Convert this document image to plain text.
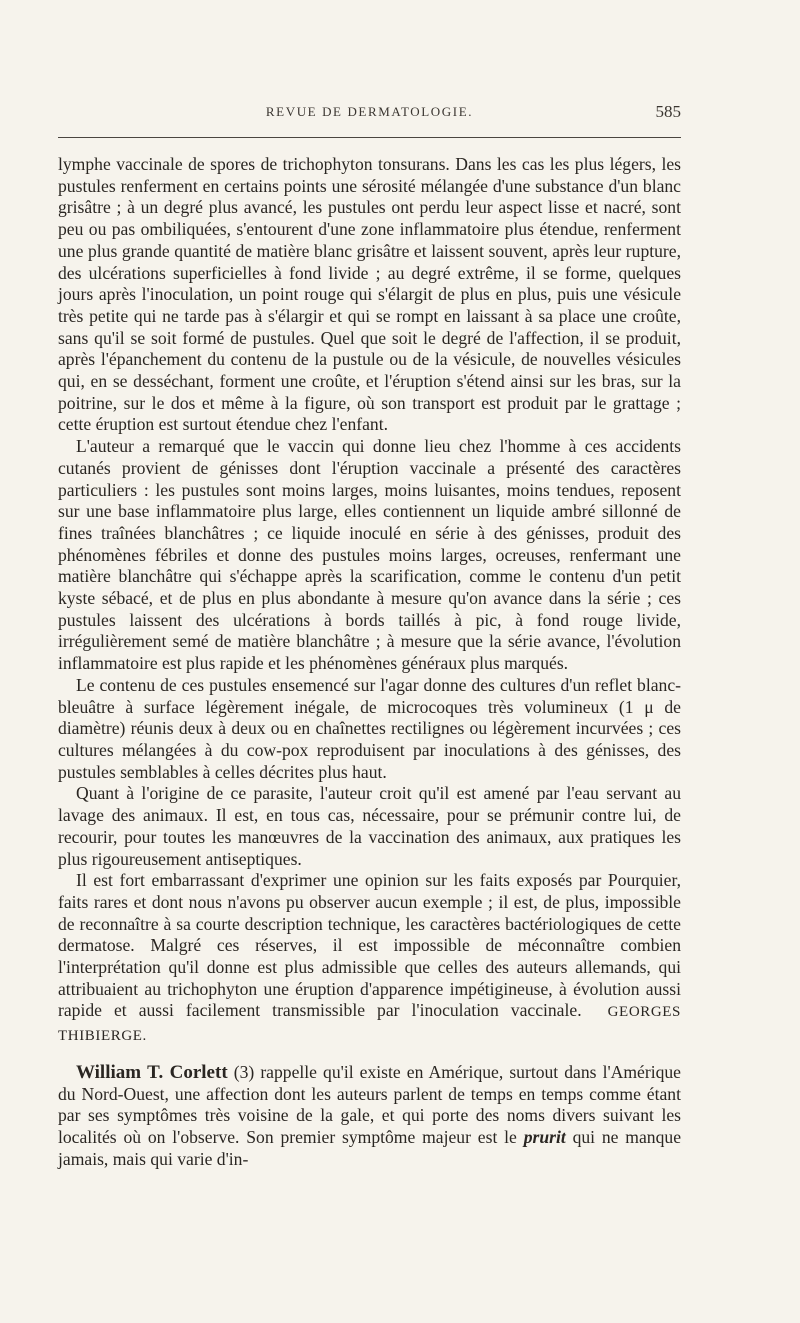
REVUE DE DERMATOLOGIE.	585

lymphe vaccinale de spores de trichophyton tonsurans. Dans les cas les plus légers, les pustules renferment en certains points une sérosité mélangée d'une substance d'un blanc grisâtre ; à un degré plus avancé, les pustules ont perdu leur aspect lisse et nacré, sont peu ou pas ombiliquées, s'entourent d'une zone inflammatoire plus étendue, renferment une plus grande quantité de matière blanc grisâtre et laissent souvent, après leur rupture, des ulcérations superficielles à fond livide ; au degré extrême, il se forme, quelques jours après l'inoculation, un point rouge qui s'élargit de plus en plus, puis une vésicule très petite qui ne tarde pas à s'élargir et qui se rompt en laissant à sa place une croûte, sans qu'il se soit formé de pustules. Quel que soit le degré de l'affection, il se produit, après l'épanchement du contenu de la pustule ou de la vésicule, de nouvelles vésicules qui, en se desséchant, forment une croûte, et l'éruption s'étend ainsi sur les bras, sur la poitrine, sur le dos et même à la figure, où son transport est produit par le grattage ; cette éruption est surtout étendue chez l'enfant.

L'auteur a remarqué que le vaccin qui donne lieu chez l'homme à ces accidents cutanés provient de génisses dont l'éruption vaccinale a présenté des caractères particuliers : les pustules sont moins larges, moins luisantes, moins tendues, reposent sur une base inflammatoire plus large, elles contiennent un liquide ambré sillonné de fines traînées blanchâtres ; ce liquide inoculé en série à des génisses, produit des phénomènes fébriles et donne des pustules moins larges, ocreuses, renfermant une matière blanchâtre qui s'échappe après la scarification, comme le contenu d'un petit kyste sébacé, et de plus en plus abondante à mesure qu'on avance dans la série ; ces pustules laissent des ulcérations à bords taillés à pic, à fond rouge livide, irrégulièrement semé de matière blanchâtre ; à mesure que la série avance, l'évolution inflammatoire est plus rapide et les phénomènes généraux plus marqués.

Le contenu de ces pustules ensemencé sur l'agar donne des cultures d'un reflet blanc-bleuâtre à surface légèrement inégale, de microcoques très volumineux (1 μ de diamètre) réunis deux à deux ou en chaînettes rectilignes ou légèrement incurvées ; ces cultures mélangées à du cow-pox reproduisent par inoculations à des génisses, des pustules semblables à celles décrites plus haut.

Quant à l'origine de ce parasite, l'auteur croit qu'il est amené par l'eau servant au lavage des animaux. Il est, en tous cas, nécessaire, pour se prémunir contre lui, de recourir, pour toutes les manœuvres de la vaccination des animaux, aux pratiques les plus rigoureusement antiseptiques.

Il est fort embarrassant d'exprimer une opinion sur les faits exposés par Pourquier, faits rares et dont nous n'avons pu observer aucun exemple ; il est, de plus, impossible de reconnaître à sa courte description technique, les caractères bactériologiques de cette dermatose. Malgré ces réserves, il est impossible de méconnaître combien l'interprétation qu'il donne est plus admissible que celles des auteurs allemands, qui attribuaient au trichophyton une éruption d'apparence impétigineuse, à évolution aussi rapide et aussi facilement transmissible par l'inoculation vaccinale. GEORGES THIBIERGE.

William T. Corlett (3) rappelle qu'il existe en Amérique, surtout dans l'Amérique du Nord-Ouest, une affection dont les auteurs parlent de temps en temps comme étant par ses symptômes très voisine de la gale, et qui porte des noms divers suivant les localités où on l'observe. Son premier symptôme majeur est le prurit qui ne manque jamais, mais qui varie d'in-
